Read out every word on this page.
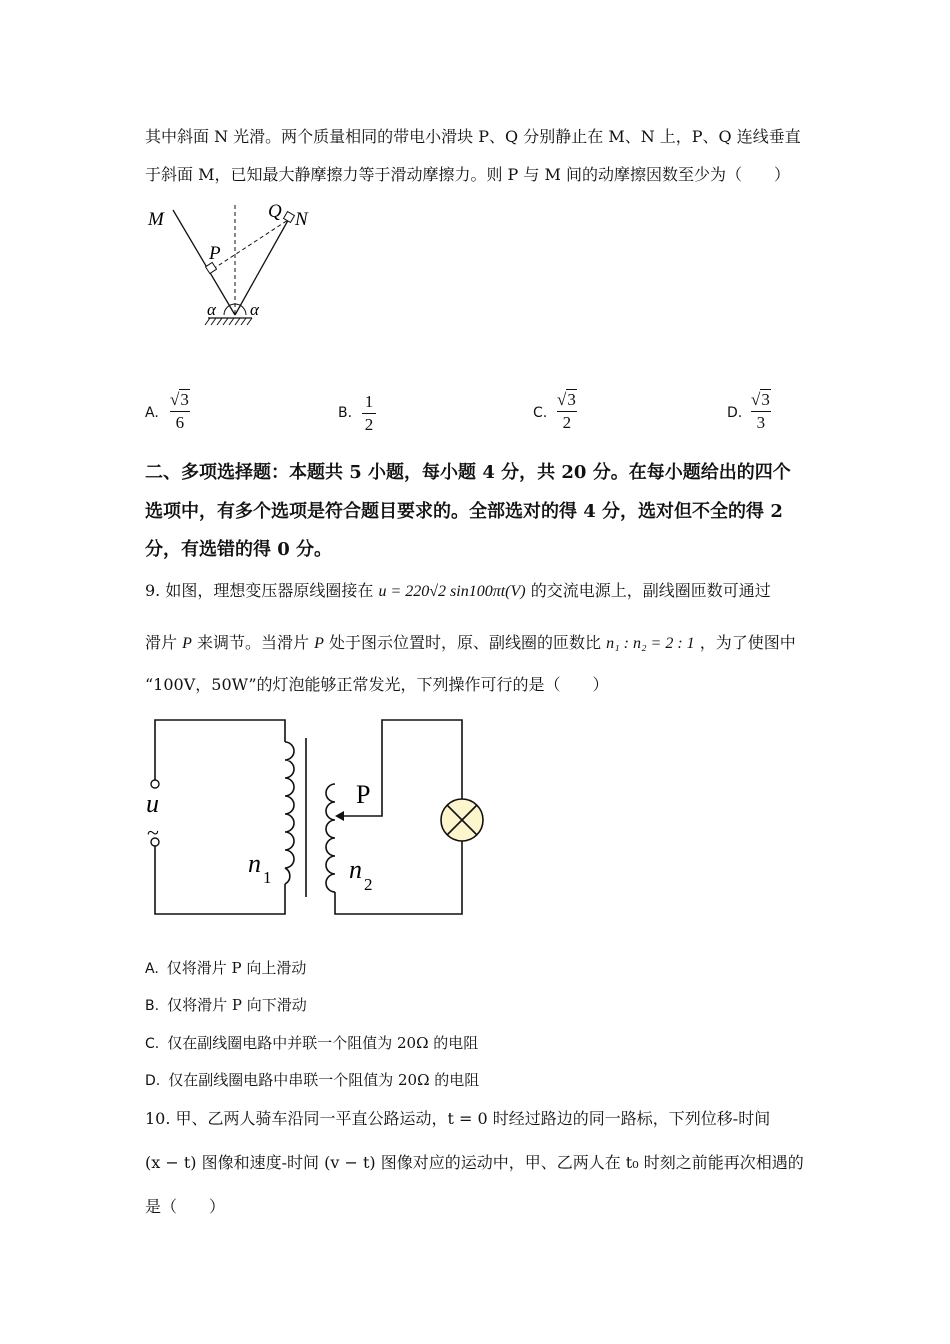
其中斜面 N 光滑。两个质量相同的带电小滑块 P、Q 分别静止在 M、N 上，P、Q 连线垂直
于斜面 M，已知最大静摩擦力等于滑动摩擦力。则 P 与 M 间的动摩擦因数至少为（　　）
M	N
Q
P
α α
A.
√3
6	B.
1
2
C.
√3
2	D.
√3
3
二、多项选择题：本题共 5 小题，每小题 4 分，共 20 分。在每小题给出的四个
选项中，有多个选项是符合题目要求的。全部选对的得 4 分，选对但不全的得 2
分，有选错的得 0 分。
9. 如图，理想变压器原线圈接在 u = 220√2 sin100πt(V) 的交流电源上，副线圈匝数可通过
滑片 P 来调节。当滑片 P 处于图示位置时，原、副线圈的匝数比 n₁ : n₂ = 2 : 1 ，为了使图中
“100V，50W”的灯泡能够正常发光，下列操作可行的是（　　）
u
~
P
n 1	n
2
A. 仅将滑片 P 向上滑动
B. 仅将滑片 P 向下滑动
C. 仅在副线圈电路中并联一个阻值为 20Ω 的电阻
D. 仅在副线圈电路中串联一个阻值为 20Ω 的电阻
10. 甲、乙两人骑车沿同一平直公路运动，t = 0 时经过路边的同一路标，下列位移-时间
(x − t) 图像和速度-时间 (v − t) 图像对应的运动中，甲、乙两人在 t₀ 时刻之前能再次相遇的
是（　　）
